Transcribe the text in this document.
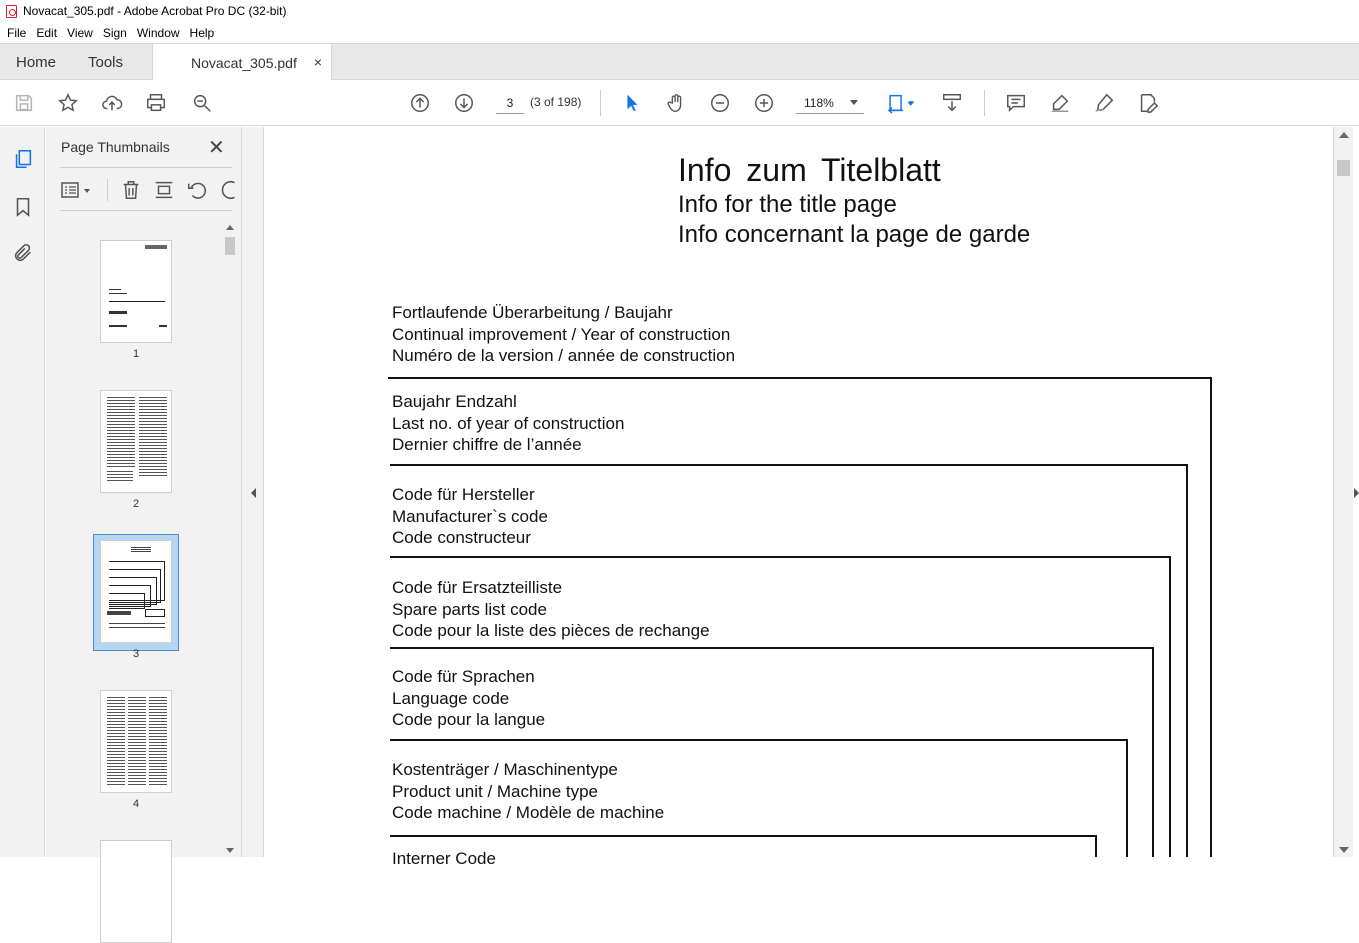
Novacat_305.pdf - Adobe Acrobat Pro DC (32-bit)
File Edit View Sign Window Help
Home Tools	Novacat_305.pdf ×
3	(3 of 198)	118%
Page Thumbnails ✕
1
2
3
4
Info zum Titelblatt
Info for the title page
Info concernant la page de garde
Fortlaufende Überarbeitung / Baujahr
Continual improvement / Year of construction
Numéro de la version / année de construction
Baujahr Endzahl
Last no. of year of construction
Dernier chiffre de l’année
Code für Hersteller
Manufacturer`s code
Code constructeur
Code für Ersatzteilliste
Spare parts list code
Code pour la liste des pièces de rechange
Code für Sprachen
Language code
Code pour la langue
Kostenträger / Maschinentype
Product unit / Machine type
Code machine / Modèle de machine
Interner Code
